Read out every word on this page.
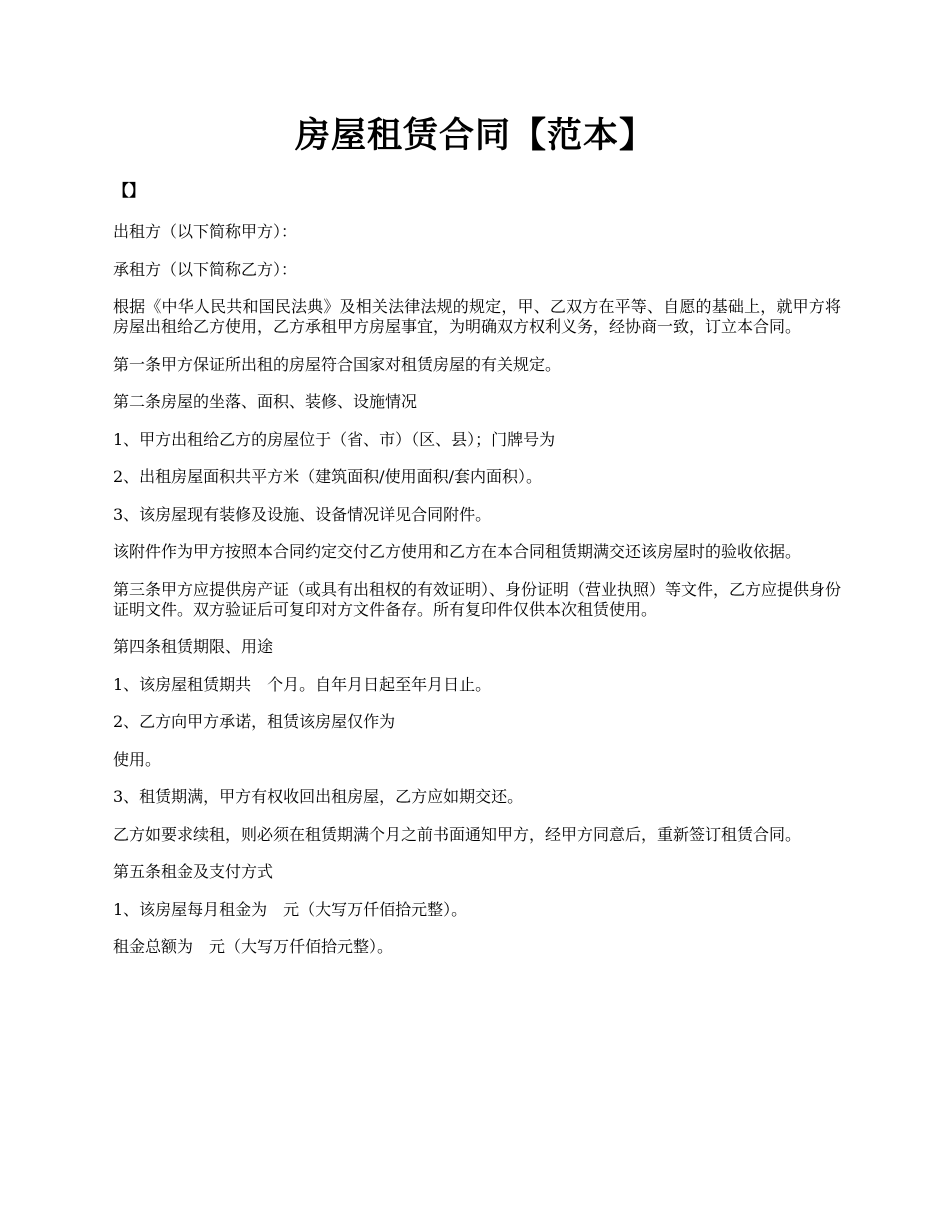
房屋租赁合同【范本】

【】

出租方（以下简称甲方）：

承租方（以下简称乙方）：

根据《中华人民共和国民法典》及相关法律法规的规定，甲、乙双方在平等、自愿的基础上，就甲方将房屋出租给乙方使用，乙方承租甲方房屋事宜，为明确双方权利义务，经协商一致，订立本合同。

第一条甲方保证所出租的房屋符合国家对租赁房屋的有关规定。

第二条房屋的坐落、面积、装修、设施情况

1、甲方出租给乙方的房屋位于（省、市）（区、县）；门牌号为

2、出租房屋面积共平方米（建筑面积/使用面积/套内面积）。

3、该房屋现有装修及设施、设备情况详见合同附件。

该附件作为甲方按照本合同约定交付乙方使用和乙方在本合同租赁期满交还该房屋时的验收依据。

第三条甲方应提供房产证（或具有出租权的有效证明）、身份证明（营业执照）等文件，乙方应提供身份证明文件。双方验证后可复印对方文件备存。所有复印件仅供本次租赁使用。

第四条租赁期限、用途

1、该房屋租赁期共　个月。自年月日起至年月日止。

2、乙方向甲方承诺，租赁该房屋仅作为

使用。

3、租赁期满，甲方有权收回出租房屋，乙方应如期交还。

乙方如要求续租，则必须在租赁期满个月之前书面通知甲方，经甲方同意后，重新签订租赁合同。

第五条租金及支付方式

1、该房屋每月租金为　元（大写万仟佰拾元整）。

租金总额为　元（大写万仟佰拾元整）。
